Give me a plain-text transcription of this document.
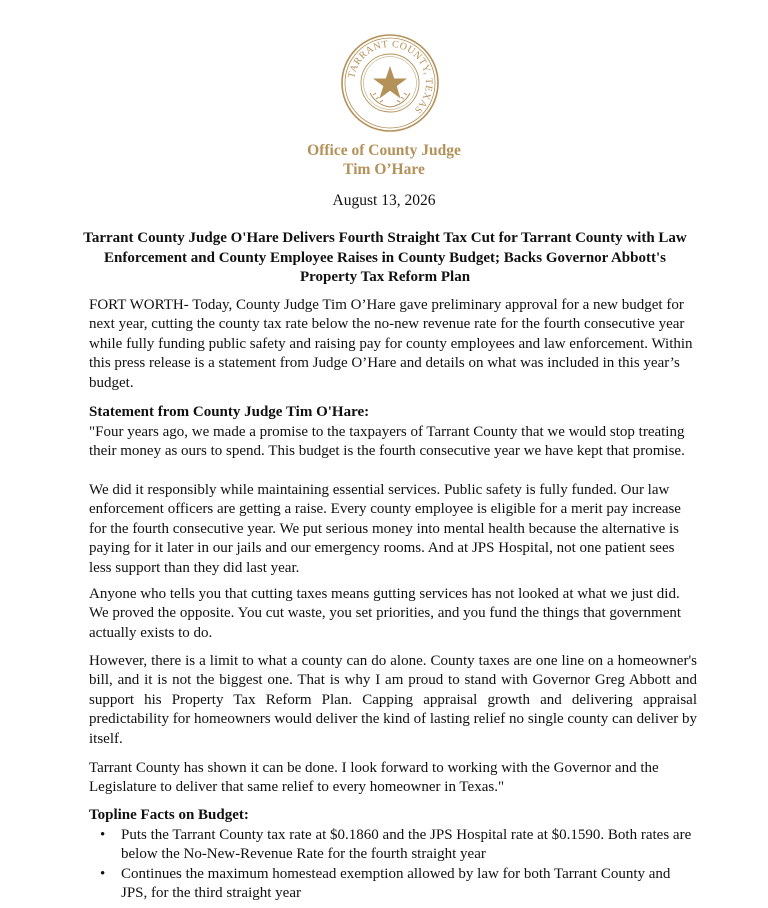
TARRANT COUNTY, TEXAS
Office of County Judge
Tim O’Hare
August 13, 2026
Tarrant County Judge O'Hare Delivers Fourth Straight Tax Cut for Tarrant County with Law Enforcement and County Employee Raises in County Budget; Backs Governor Abbott's Property Tax Reform Plan

FORT WORTH- Today, County Judge Tim O’Hare gave preliminary approval for a new budget for next year, cutting the county tax rate below the no-new revenue rate for the fourth consecutive year while fully funding public safety and raising pay for county employees and law enforcement. Within this press release is a statement from Judge O’Hare and details on what was included in this year’s budget.

Statement from County Judge Tim O'Hare:

"Four years ago, we made a promise to the taxpayers of Tarrant County that we would stop treating their money as ours to spend. This budget is the fourth consecutive year we have kept that promise.

We did it responsibly while maintaining essential services. Public safety is fully funded. Our law enforcement officers are getting a raise. Every county employee is eligible for a merit pay increase for the fourth consecutive year. We put serious money into mental health because the alternative is paying for it later in our jails and our emergency rooms. And at JPS Hospital, not one patient sees less support than they did last year.

Anyone who tells you that cutting taxes means gutting services has not looked at what we just did. We proved the opposite. You cut waste, you set priorities, and you fund the things that government actually exists to do.

However, there is a limit to what a county can do alone. County taxes are one line on a homeowner's bill, and it is not the biggest one. That is why I am proud to stand with Governor Greg Abbott and support his Property Tax Reform Plan. Capping appraisal growth and delivering appraisal predictability for homeowners would deliver the kind of lasting relief no single county can deliver by itself.

Tarrant County has shown it can be done. I look forward to working with the Governor and the Legislature to deliver that same relief to every homeowner in Texas."

Topline Facts on Budget:

• Puts the Tarrant County tax rate at $0.1860 and the JPS Hospital rate at $0.1590. Both rates are below the No-New-Revenue Rate for the fourth straight year
• Continues the maximum homestead exemption allowed by law for both Tarrant County and JPS, for the third straight year
